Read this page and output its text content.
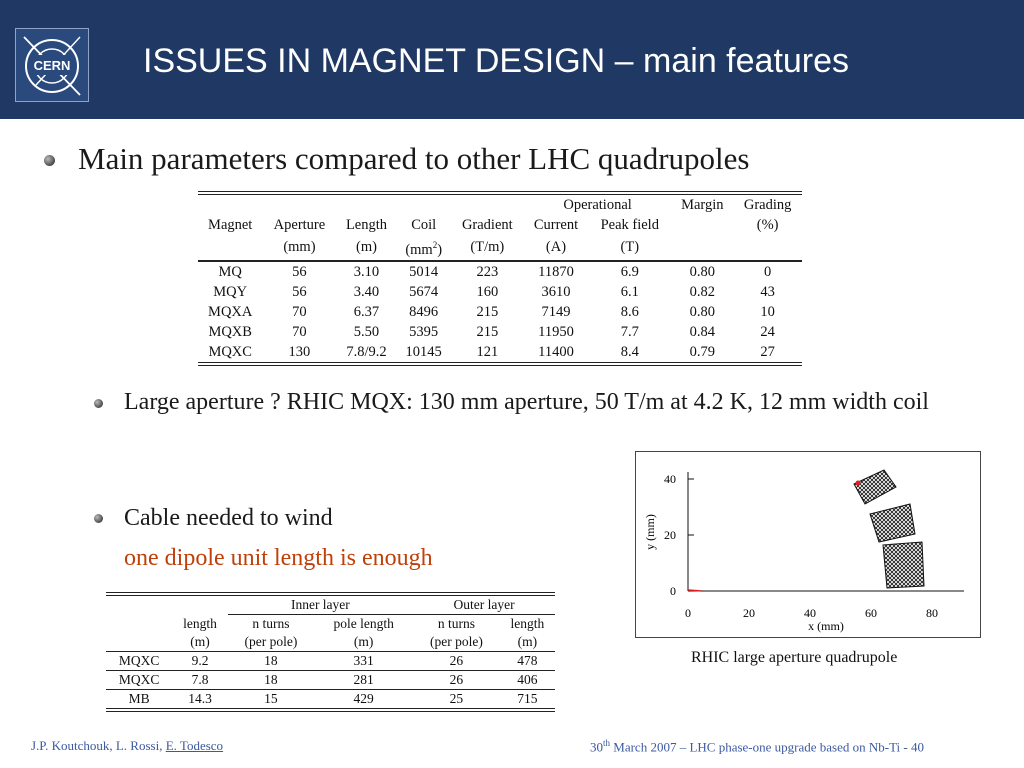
CERN ISSUES IN MAGNET DESIGN – main features
Main parameters compared to other LHC quadrupoles
					Operational		Margin	Grading
Magnet	Aperture	Length	Coil	Gradient	Current	Peak field		(%)
	(mm)	(m)	$(mm^2)$	(T/m)	(A)	(T)		
MQ	56	3.10	5014	223	11870	6.9	0.80	0
MQY	56	3.40	5674	160	3610	6.1	0.82	43
MQXA	70	6.37	8496	215	7149	8.6	0.80	10
MQXB	70	5.50	5395	215	11950	7.7	0.84	24
MQXC	130	7.8/9.2	10145	121	11400	8.4	0.79	27
Large aperture ? RHIC MQX: 130 mm aperture, 50 T/m at 4.2 K, 12 mm width coil
Cable needed to wind
one dipole unit length is enough
		Inner layer		Outer layer	
	length	n turns	pole length	n turns	length
	(m)	(per pole)	(m)	(per pole)	(m)
MQXC	9.2	18	331	26	478
MQXC	7.8	18	281	26	406
MB	14.3	15	429	25	715
40
20
0
0	20	40	60	80
x (mm)
y (mm)
RHIC large aperture quadrupole
J.P. Koutchouk, L. Rossi, E. Todesco	30th March 2007 – LHC phase-one upgrade based on Nb-Ti - 40
